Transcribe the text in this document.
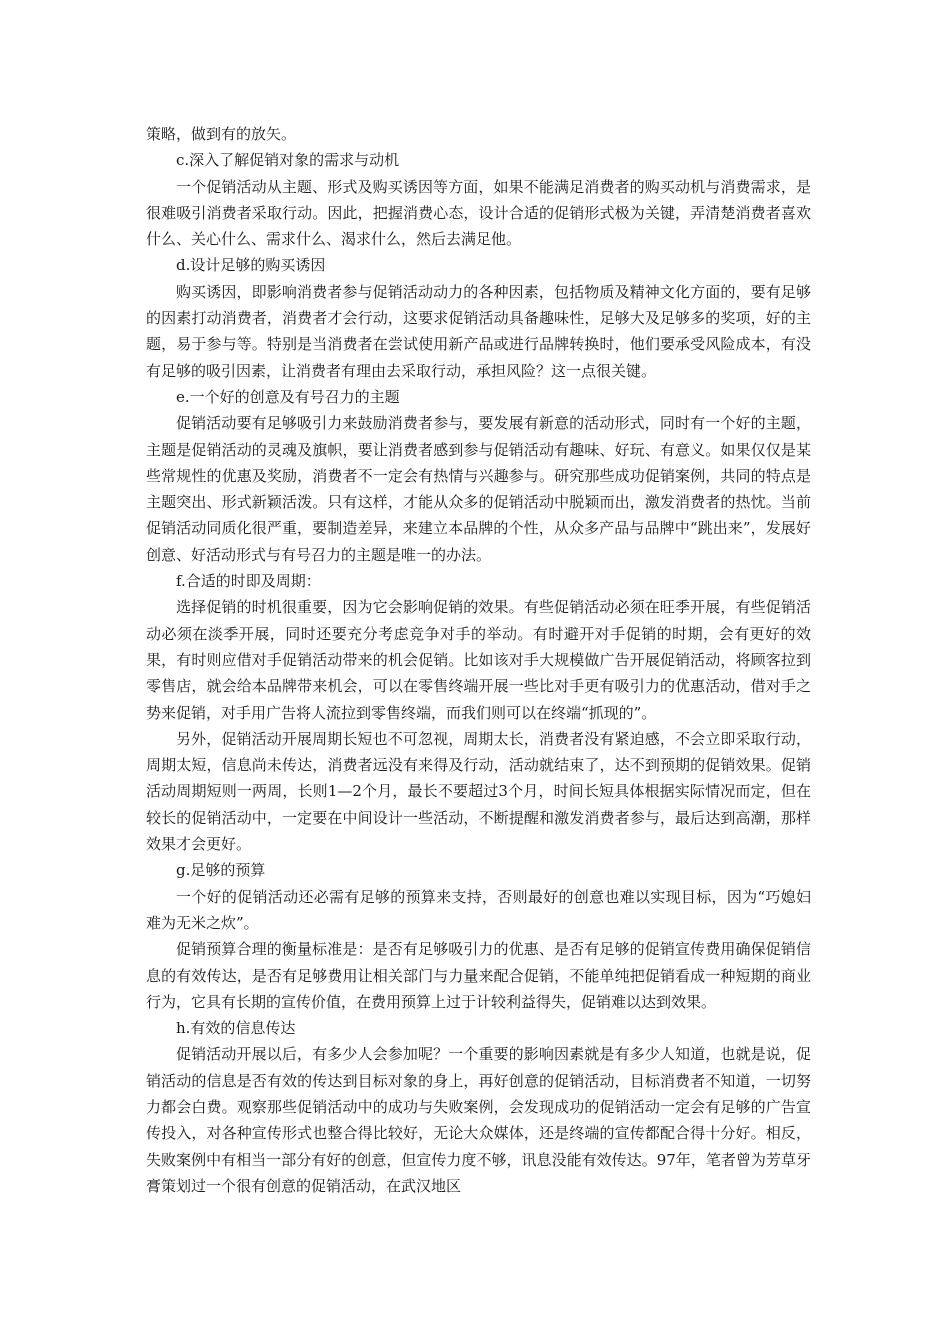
策略，做到有的放矢。

c.深入了解促销对象的需求与动机

一个促销活动从主题、形式及购买诱因等方面，如果不能满足消费者的购买动机与消费需求，是很难吸引消费者采取行动。因此，把握消费心态，设计合适的促销形式极为关键，弄清楚消费者喜欢什么、关心什么、需求什么、渴求什么，然后去满足他。

d.设计足够的购买诱因

购买诱因，即影响消费者参与促销活动动力的各种因素，包括物质及精神文化方面的，要有足够的因素打动消费者，消费者才会行动，这要求促销活动具备趣味性，足够大及足够多的奖项，好的主题，易于参与等。特别是当消费者在尝试使用新产品或进行品牌转换时，他们要承受风险成本，有没有足够的吸引因素，让消费者有理由去采取行动，承担风险？这一点很关键。

e.一个好的创意及有号召力的主题

促销活动要有足够吸引力来鼓励消费者参与，要发展有新意的活动形式，同时有一个好的主题，主题是促销活动的灵魂及旗帜，要让消费者感到参与促销活动有趣味、好玩、有意义。如果仅仅是某些常规性的优惠及奖励，消费者不一定会有热情与兴趣参与。研究那些成功促销案例，共同的特点是主题突出、形式新颖活泼。只有这样，才能从众多的促销活动中脱颖而出，激发消费者的热忱。当前促销活动同质化很严重，要制造差异，来建立本品牌的个性，从众多产品与品牌中“跳出来”，发展好创意、好活动形式与有号召力的主题是唯一的办法。

f.合适的时即及周期：

选择促销的时机很重要，因为它会影响促销的效果。有些促销活动必须在旺季开展，有些促销活动必须在淡季开展，同时还要充分考虑竞争对手的举动。有时避开对手促销的时期，会有更好的效果，有时则应借对手促销活动带来的机会促销。比如该对手大规模做广告开展促销活动，将顾客拉到零售店，就会给本品牌带来机会，可以在零售终端开展一些比对手更有吸引力的优惠活动，借对手之势来促销，对手用广告将人流拉到零售终端，而我们则可以在终端“抓现的”。

另外，促销活动开展周期长短也不可忽视，周期太长，消费者没有紧迫感，不会立即采取行动，周期太短，信息尚未传达，消费者远没有来得及行动，活动就结束了，达不到预期的促销效果。促销活动周期短则一两周，长则1—2个月，最长不要超过3个月，时间长短具体根据实际情况而定，但在较长的促销活动中，一定要在中间设计一些活动，不断提醒和激发消费者参与，最后达到高潮，那样效果才会更好。

g.足够的预算

一个好的促销活动还必需有足够的预算来支持，否则最好的创意也难以实现目标，因为“巧媳妇难为无米之炊”。

促销预算合理的衡量标准是：是否有足够吸引力的优惠、是否有足够的促销宣传费用确保促销信息的有效传达，是否有足够费用让相关部门与力量来配合促销，不能单纯把促销看成一种短期的商业行为，它具有长期的宣传价值，在费用预算上过于计较利益得失，促销难以达到效果。

h.有效的信息传达

促销活动开展以后，有多少人会参加呢？一个重要的影响因素就是有多少人知道，也就是说，促销活动的信息是否有效的传达到目标对象的身上，再好创意的促销活动，目标消费者不知道，一切努力都会白费。观察那些促销活动中的成功与失败案例，会发现成功的促销活动一定会有足够的广告宣传投入，对各种宣传形式也整合得比较好，无论大众媒体，还是终端的宣传都配合得十分好。相反，失败案例中有相当一部分有好的创意，但宣传力度不够，讯息没能有效传达。97年，笔者曾为芳草牙膏策划过一个很有创意的促销活动，在武汉地区
